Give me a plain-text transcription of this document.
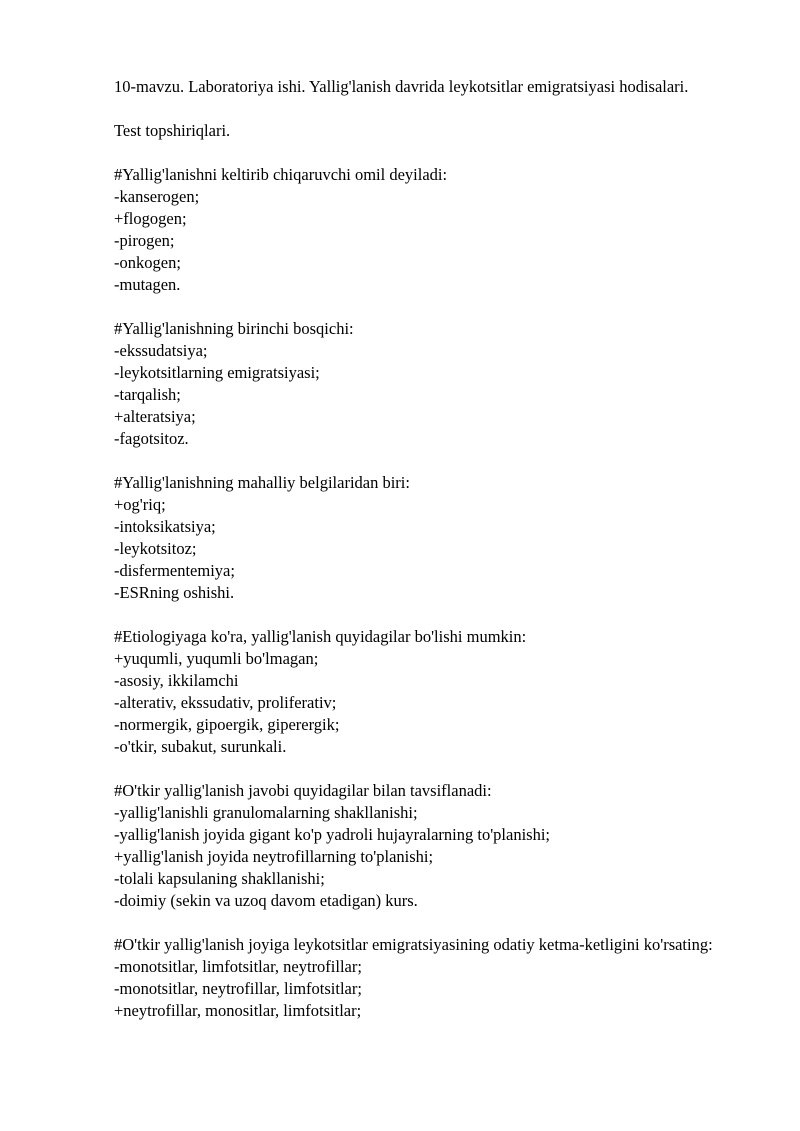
10-mavzu. Laboratoriya ishi. Yallig'lanish davrida leykotsitlar emigratsiyasi hodisalari.

Test topshiriqlari.

#Yallig'lanishni keltirib chiqaruvchi omil deyiladi:

-kanserogen;
+flogogen;
-pirogen;
-onkogen;
-mutagen.

#Yallig'lanishning birinchi bosqichi:

-ekssudatsiya;
-leykotsitlarning emigratsiyasi;
-tarqalish;
+alteratsiya;
-fagotsitoz.

#Yallig'lanishning mahalliy belgilaridan biri:

+og'riq;
-intoksikatsiya;
-leykotsitoz;
-disfermentemiya;
-ESRning oshishi.

#Etiologiyaga ko'ra, yallig'lanish quyidagilar bo'lishi mumkin:

+yuqumli, yuqumli bo'lmagan;
-asosiy, ikkilamchi
-alterativ, ekssudativ, proliferativ;
-normergik, gipoergik, giperergik;
-o'tkir, subakut, surunkali.

#O'tkir yallig'lanish javobi quyidagilar bilan tavsiflanadi:

-yallig'lanishli granulomalarning shakllanishi;
-yallig'lanish joyida gigant ko'p yadroli hujayralarning to'planishi;
+yallig'lanish joyida neytrofillarning to'planishi;
-tolali kapsulaning shakllanishi;
-doimiy (sekin va uzoq davom etadigan) kurs.

#O'tkir yallig'lanish joyiga leykotsitlar emigratsiyasining odatiy ketma-ketligini ko'rsating:

-monotsitlar, limfotsitlar, neytrofillar;
-monotsitlar, neytrofillar, limfotsitlar;
+neytrofillar, monositlar, limfotsitlar;
